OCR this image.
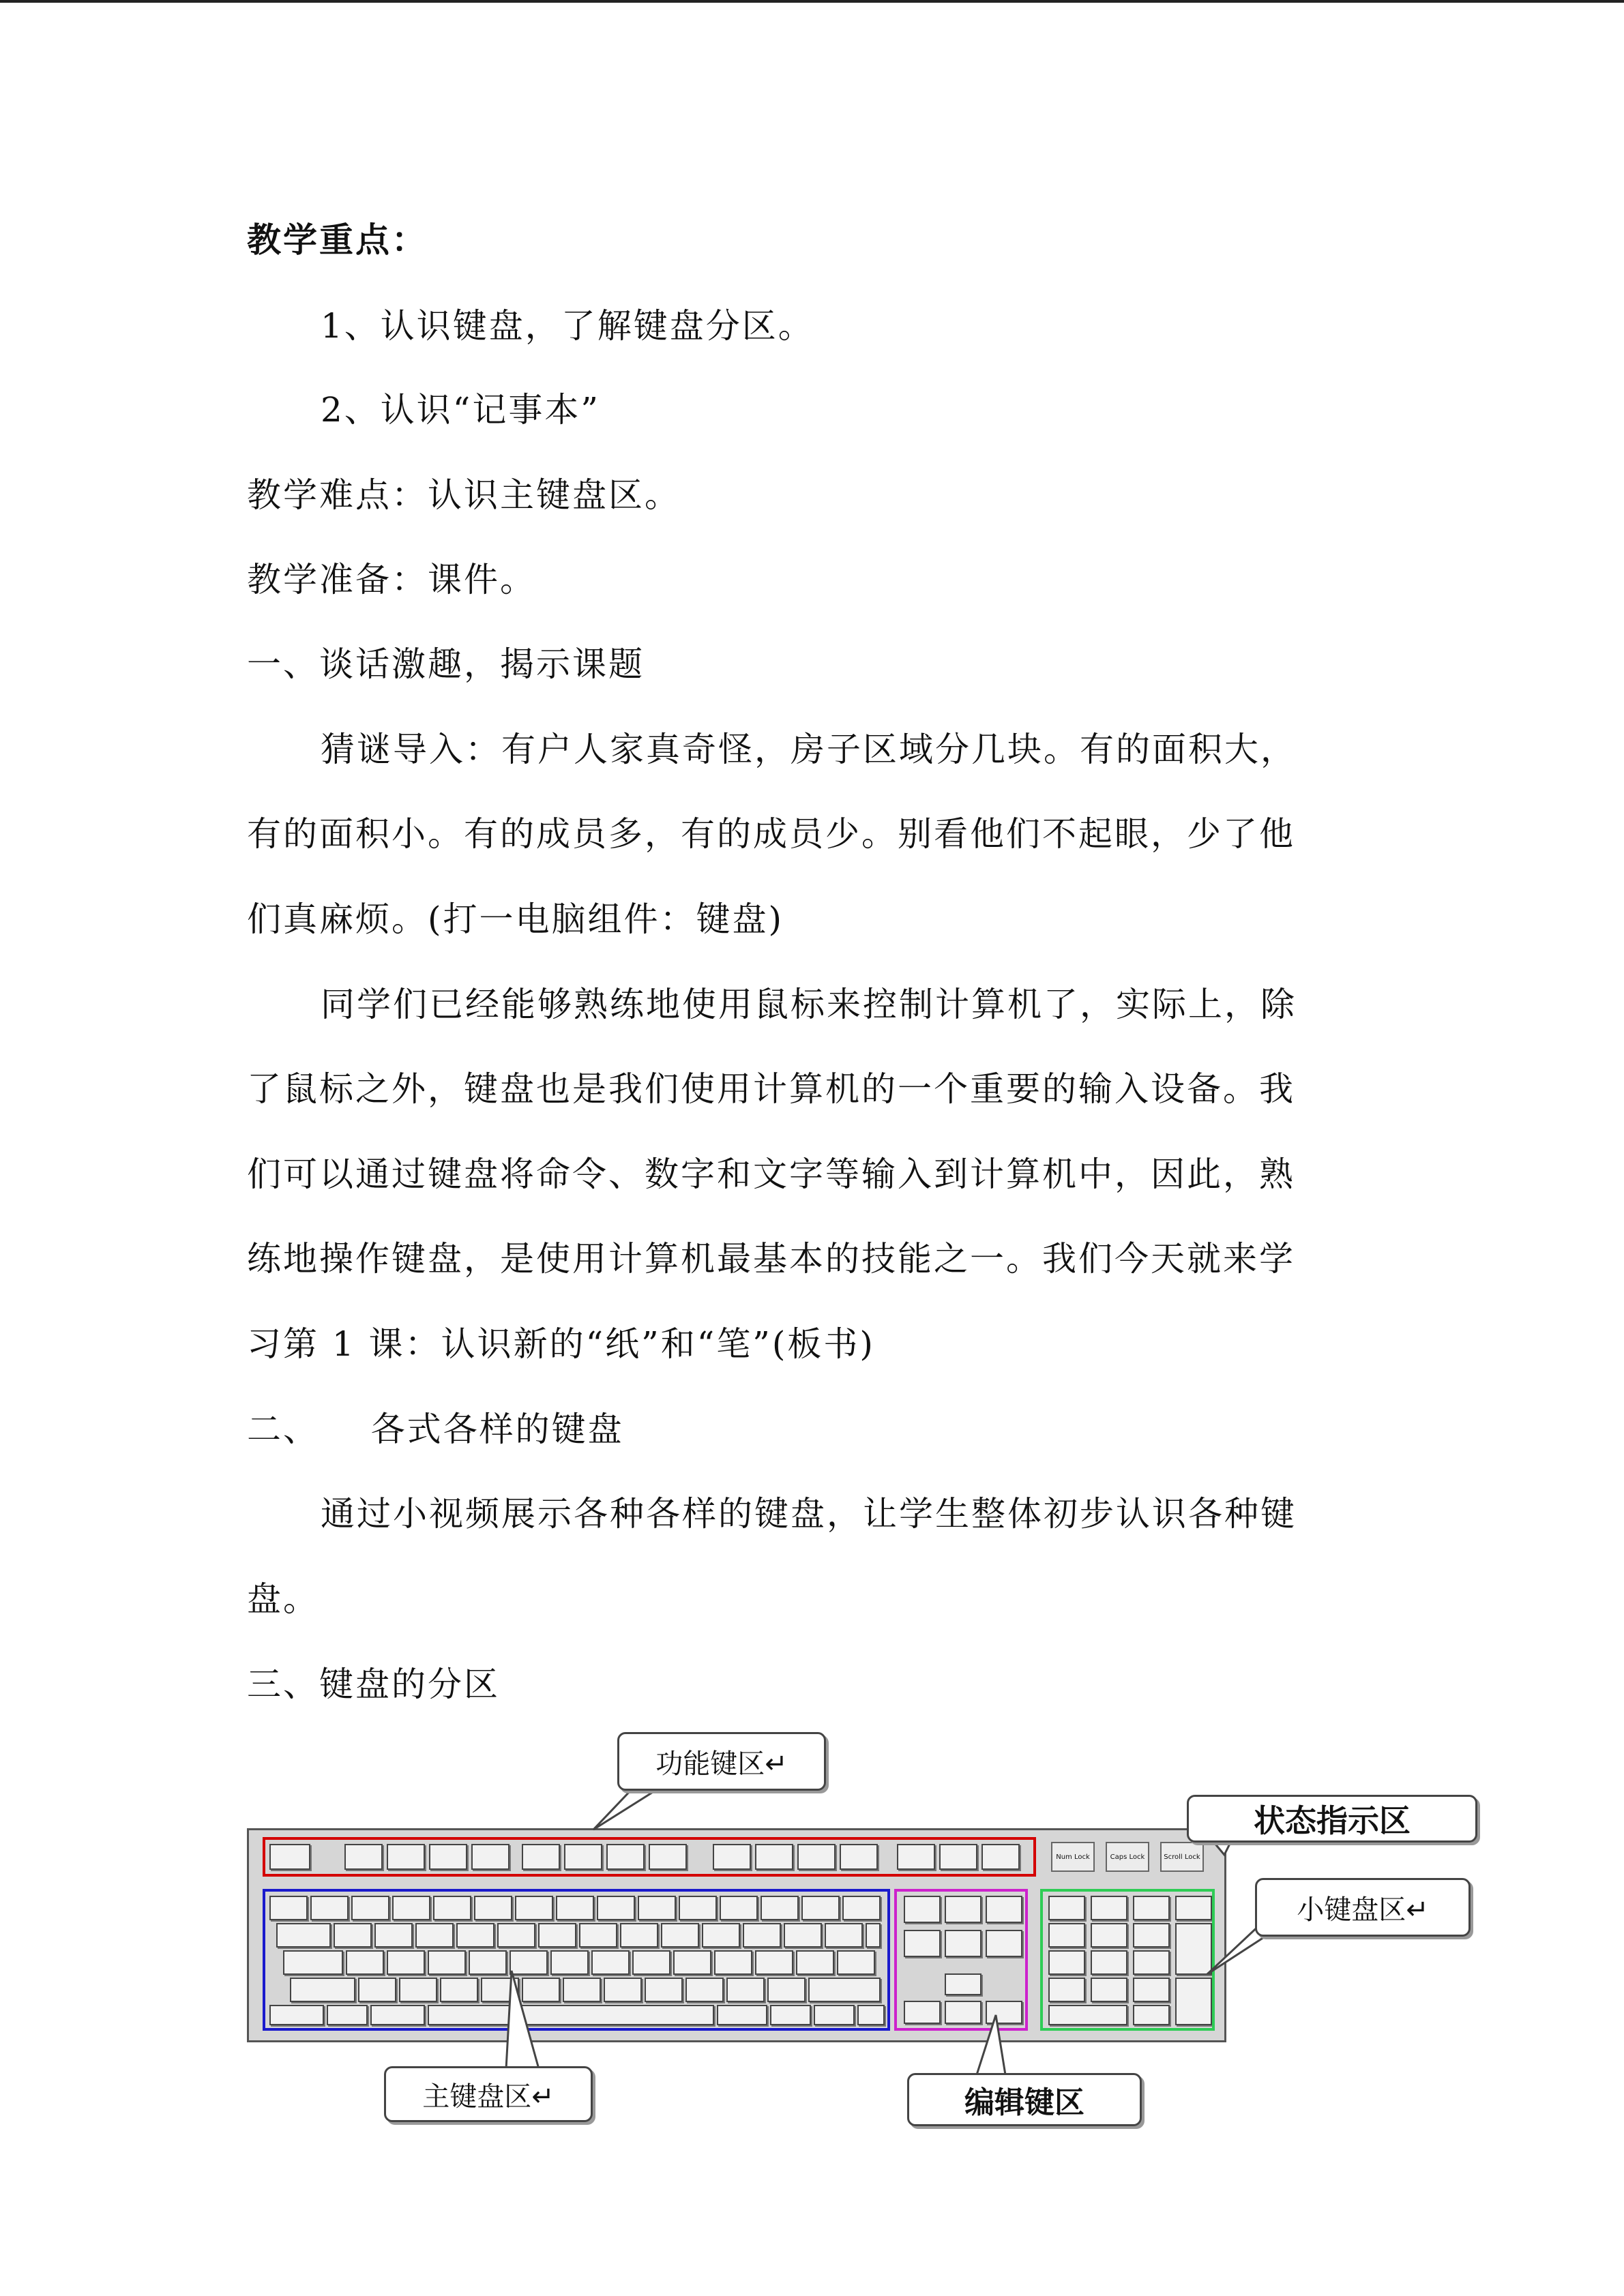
教学重点：
1、认识键盘，了解键盘分区。
2、认识“记事本”
教学难点：认识主键盘区。
教学准备：课件。
一、谈话激趣，揭示课题
猜谜导入：有户人家真奇怪，房子区域分几块。有的面积大，
有的面积小。有的成员多，有的成员少。别看他们不起眼，少了他
们真麻烦。(打一电脑组件：键盘)
同学们已经能够熟练地使用鼠标来控制计算机了，实际上，除
了鼠标之外，键盘也是我们使用计算机的一个重要的输入设备。我
们可以通过键盘将命令、数字和文字等输入到计算机中，因此，熟
练地操作键盘，是使用计算机最基本的技能之一。我们今天就来学
习第 1 课：认识新的“纸”和“笔”(板书)
二、    各式各样的键盘
通过小视频展示各种各样的键盘，让学生整体初步认识各种键
盘。
三、键盘的分区
Num Lock	Caps Lock	Scroll Lock
功能键区↵
状态指示区
小键盘区↵
主键盘区↵	编辑键区
